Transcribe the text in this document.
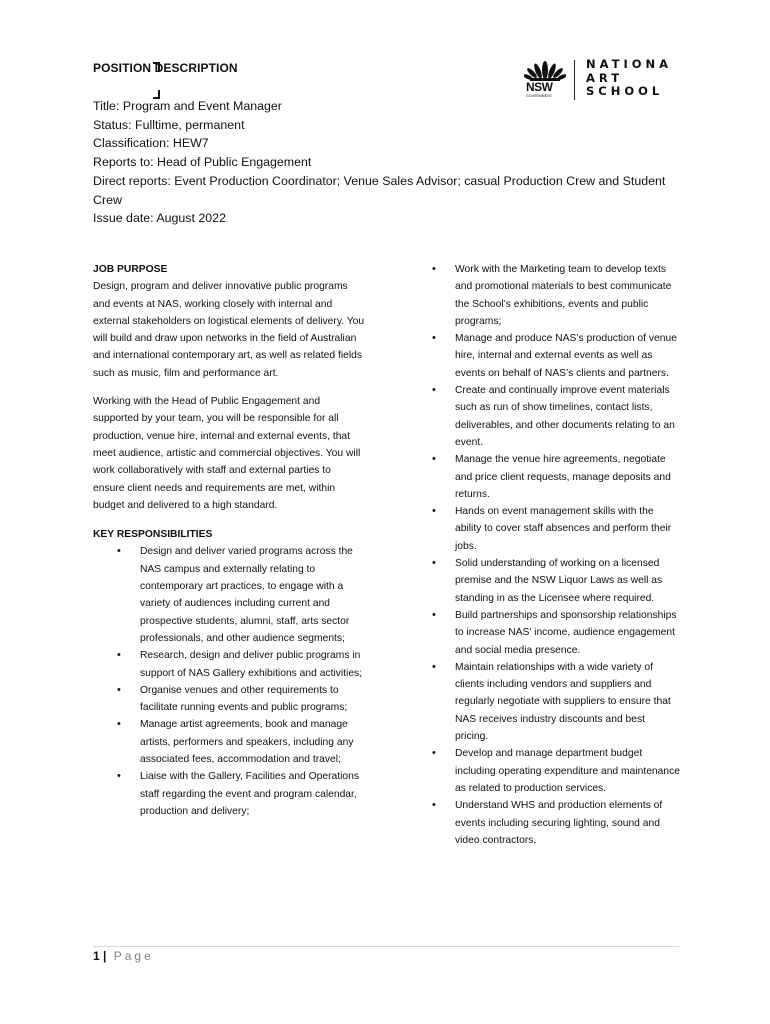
POSITION DESCRIPTION
NSW
GOVERNMENT
NATIONA
ART
SCHOOL
Title: Program and Event Manager
Status: Fulltime, permanent
Classification: HEW7
Reports to: Head of Public Engagement
Direct reports: Event Production Coordinator; Venue Sales Advisor; casual Production Crew and Student Crew
Issue date: August 2022
JOB PURPOSE

Design, program and deliver innovative public programs and events at NAS, working closely with internal and external stakeholders on logistical elements of delivery. You will build and draw upon networks in the field of Australian and international contemporary art, as well as related fields such as music, film and performance art.

Working with the Head of Public Engagement and supported by your team, you will be responsible for all production, venue hire, internal and external events, that meet audience, artistic and commercial objectives. You will work collaboratively with staff and external parties to ensure client needs and requirements are met, within budget and delivered to a high standard.

KEY RESPONSIBILITIES
• Design and deliver varied programs across the NAS campus and externally relating to contemporary art practices, to engage with a variety of audiences including current and prospective students, alumni, staff, arts sector professionals, and other audience segments;
• Research, design and deliver public programs in support of NAS Gallery exhibitions and activities;
• Organise venues and other requirements to facilitate running events and public programs;
• Manage artist agreements, book and manage artists, performers and speakers, including any associated fees, accommodation and travel;
• Liaise with the Gallery, Facilities and Operations staff regarding the event and program calendar, production and delivery;
• Work with the Marketing team to develop texts and promotional materials to best communicate the School’s exhibitions, events and public programs;
• Manage and produce NAS’s production of venue hire, internal and external events as well as events on behalf of NAS’s clients and partners.
• Create and continually improve event materials such as run of show timelines, contact lists, deliverables, and other documents relating to an event.
• Manage the venue hire agreements, negotiate and price client requests, manage deposits and returns.
• Hands on event management skills with the ability to cover staff absences and perform their jobs.
• Solid understanding of working on a licensed premise and the NSW Liquor Laws as well as standing in as the Licensee where required.
• Build partnerships and sponsorship relationships to increase NAS’ income, audience engagement and social media presence.
• Maintain relationships with a wide variety of clients including vendors and suppliers and regularly negotiate with suppliers to ensure that NAS receives industry discounts and best pricing.
• Develop and manage department budget including operating expenditure and maintenance as related to production services.
• Understand WHS and production elements of events including securing lighting, sound and video contractors,
1 | Page
